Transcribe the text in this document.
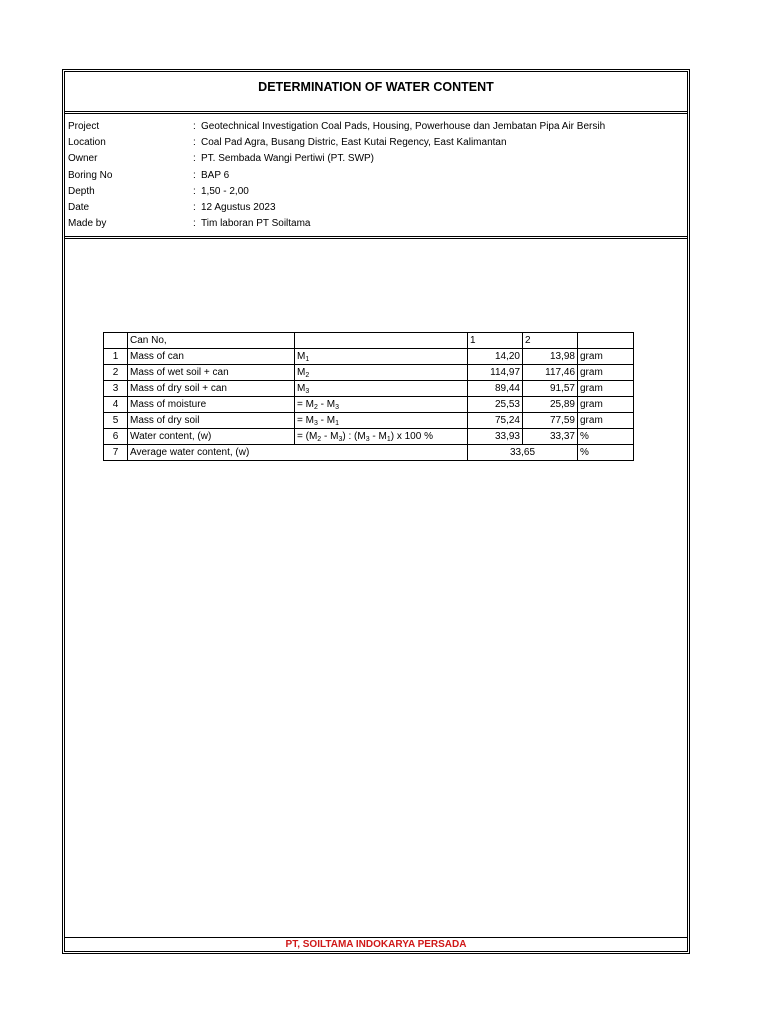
DETERMINATION OF WATER CONTENT
Project	: Geotechnical Investigation Coal Pads, Housing, Powerhouse dan Jembatan Pipa Air Bersih
Location	: Coal Pad Agra, Busang Distric, East Kutai Regency, East Kalimantan
Owner	: PT. Sembada Wangi Pertiwi (PT. SWP)
Boring No	: BAP 6
Depth	: 1,50 - 2,00
Date	: 12 Agustus 2023
Made by	: Tim laboran PT Soiltama
	Can No,		1	2	
1	Mass of can	$M_1$	14,20	13,98	gram
2	Mass of wet soil + can	$M_2$	114,97	117,46	gram
3	Mass of dry soil + can	$M_3$	89,44	91,57	gram
4	Mass of moisture	= $M_2 - M_3$	25,53	25,89	gram
5	Mass of dry soil	= $M_3 - M_1$	75,24	77,59	gram
6	Water content, (w)	= $(M_2 - M_3)$ : $(M_3 - M_1)$ x 100 %	33,93	33,37	%
7	Average water content, (w)		33,65		%
PT, SOILTAMA INDOKARYA PERSADA
